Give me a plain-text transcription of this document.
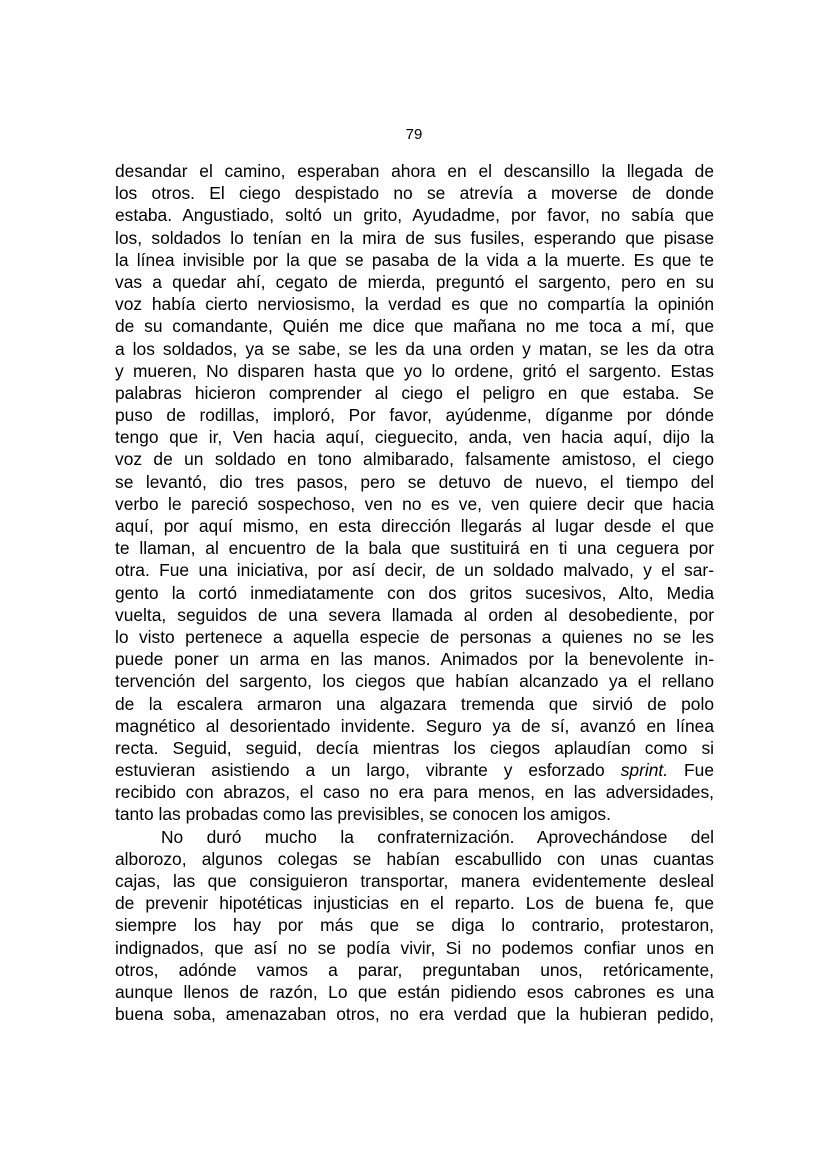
79
desandar el camino, esperaban ahora en el descansillo la llegada de
los otros. El ciego despistado no se atrevía a moverse de donde
estaba. Angustiado, soltó un grito, Ayudadme, por favor, no sabía que
los, soldados lo tenían en la mira de sus fusiles, esperando que pisase
la línea invisible por la que se pasaba de la vida a la muerte. Es que te
vas a quedar ahí, cegato de mierda, preguntó el sargento, pero en su
voz había cierto nerviosismo, la verdad es que no compartía la opinión
de su comandante, Quién me dice que mañana no me toca a mí, que
a los soldados, ya se sabe, se les da una orden y matan, se les da otra
y mueren, No disparen hasta que yo lo ordene, gritó el sargento. Estas
palabras hicieron comprender al ciego el peligro en que estaba. Se
puso de rodillas, imploró, Por favor, ayúdenme, díganme por dónde
tengo que ir, Ven hacia aquí, cieguecito, anda, ven hacia aquí, dijo la
voz de un soldado en tono almibarado, falsamente amistoso, el ciego
se levantó, dio tres pasos, pero se detuvo de nuevo, el tiempo del
verbo le pareció sospechoso, ven no es ve, ven quiere decir que hacia
aquí, por aquí mismo, en esta dirección llegarás al lugar desde el que
te llaman, al encuentro de la bala que sustituirá en ti una ceguera por
otra. Fue una iniciativa, por así decir, de un soldado malvado, y el sar-
gento la cortó inmediatamente con dos gritos sucesivos, Alto, Media
vuelta, seguidos de una severa llamada al orden al desobediente, por
lo visto pertenece a aquella especie de personas a quienes no se les
puede poner un arma en las manos. Animados por la benevolente in-
tervención del sargento, los ciegos que habían alcanzado ya el rellano
de la escalera armaron una algazara tremenda que sirvió de polo
magnético al desorientado invidente. Seguro ya de sí, avanzó en línea
recta. Seguid, seguid, decía mientras los ciegos aplaudían como si
estuvieran asistiendo a un largo, vibrante y esforzado sprint. Fue
recibido con abrazos, el caso no era para menos, en las adversidades,
tanto las probadas como las previsibles, se conocen los amigos.
No duró mucho la confraternización. Aprovechándose del
alborozo, algunos colegas se habían escabullido con unas cuantas
cajas, las que consiguieron transportar, manera evidentemente desleal
de prevenir hipotéticas injusticias en el reparto. Los de buena fe, que
siempre los hay por más que se diga lo contrario, protestaron,
indignados, que así no se podía vivir, Si no podemos confiar unos en
otros, adónde vamos a parar, preguntaban unos, retóricamente,
aunque llenos de razón, Lo que están pidiendo esos cabrones es una
buena soba, amenazaban otros, no era verdad que la hubieran pedido,
